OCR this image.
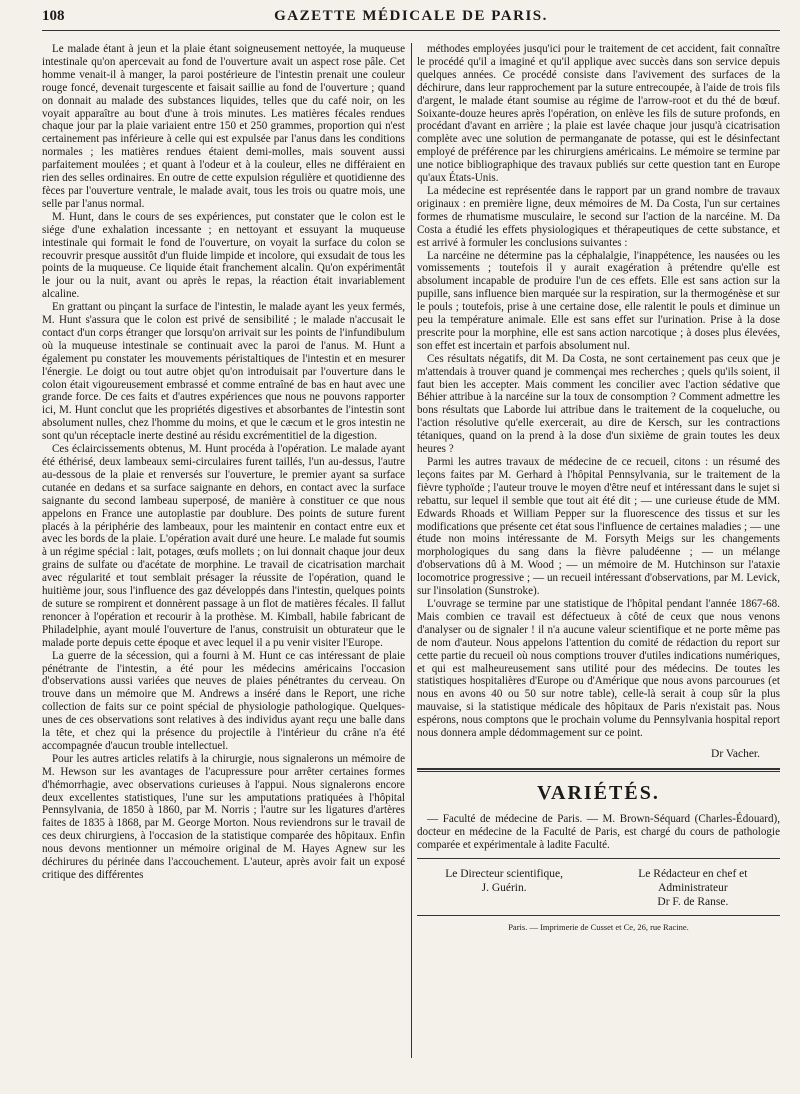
108	GAZETTE MÉDICALE DE PARIS.

Le malade étant à jeun et la plaie étant soigneusement nettoyée, la muqueuse intestinale qu'on apercevait au fond de l'ouverture avait un aspect rose pâle. Cet homme venait-il à manger, la paroi postérieure de l'intestin prenait une couleur rouge foncé, devenait turgescente et faisait saillie au fond de l'ouverture ; quand on donnait au malade des substances liquides, telles que du café noir, on les voyait apparaître au bout d'une à trois minutes. Les matières fécales rendues chaque jour par la plaie variaient entre 150 et 250 grammes, proportion qui n'est certainement pas inférieure à celle qui est expulsée par l'anus dans les conditions normales ; les matières rendues étaient demi-molles, mais souvent aussi parfaitement moulées ; et quant à l'odeur et à la couleur, elles ne différaient en rien des selles ordinaires. En outre de cette expulsion régulière et quotidienne des fèces par l'ouverture ventrale, le malade avait, tous les trois ou quatre mois, une selle par l'anus normal.

M. Hunt, dans le cours de ses expériences, put constater que le colon est le siége d'une exhalation incessante ; en nettoyant et essuyant la muqueuse intestinale qui formait le fond de l'ouverture, on voyait la surface du colon se recouvrir presque aussitôt d'un fluide limpide et incolore, qui exsudait de tous les points de la muqueuse. Ce liquide était franchement alcalin. Qu'on expérimentât le jour ou la nuit, avant ou après le repas, la réaction était invariablement alcaline.

En grattant ou pinçant la surface de l'intestin, le malade ayant les yeux fermés, M. Hunt s'assura que le colon est privé de sensibilité ; le malade n'accusait le contact d'un corps étranger que lorsqu'on arrivait sur les points de l'infundibulum où la muqueuse intestinale se continuait avec la paroi de l'anus. M. Hunt a également pu constater les mouvements péristaltiques de l'intestin et en mesurer l'énergie. Le doigt ou tout autre objet qu'on introduisait par l'ouverture dans le colon était vigoureusement embrassé et comme entraîné de bas en haut avec une grande force. De ces faits et d'autres expériences que nous ne pouvons rapporter ici, M. Hunt conclut que les propriétés digestives et absorbantes de l'intestin sont absolument nulles, chez l'homme du moins, et que le cæcum et le gros intestin ne sont qu'un réceptacle inerte destiné au résidu excrémentitiel de la digestion.

Ces éclaircissements obtenus, M. Hunt procéda à l'opération. Le malade ayant été éthérisé, deux lambeaux semi-circulaires furent taillés, l'un au-dessus, l'autre au-dessous de la plaie et renversés sur l'ouverture, le premier ayant sa surface cutanée en dedans et sa surface saignante en dehors, en contact avec la surface saignante du second lambeau superposé, de manière à constituer ce que nous appelons en France une autoplastie par doublure. Des points de suture furent placés à la périphérie des lambeaux, pour les maintenir en contact entre eux et avec les bords de la plaie. L'opération avait duré une heure. Le malade fut soumis à un régime spécial : lait, potages, œufs mollets ; on lui donnait chaque jour deux grains de sulfate ou d'acétate de morphine. Le travail de cicatrisation marchait avec régularité et tout semblait présager la réussite de l'opération, quand le huitième jour, sous l'influence des gaz développés dans l'intestin, quelques points de suture se rompirent et donnèrent passage à un flot de matières fécales. Il fallut renoncer à l'opération et recourir à la prothèse. M. Kimball, habile fabricant de Philadelphie, ayant moulé l'ouverture de l'anus, construisit un obturateur que le malade porte depuis cette époque et avec lequel il a pu venir visiter l'Europe.

La guerre de la sécession, qui a fourni à M. Hunt ce cas intéressant de plaie pénétrante de l'intestin, a été pour les médecins américains l'occasion d'observations aussi variées que neuves de plaies pénétrantes du cerveau. On trouve dans un mémoire que M. Andrews a inséré dans le Report, une riche collection de faits sur ce point spécial de physiologie pathologique. Quelques-unes de ces observations sont relatives à des individus ayant reçu une balle dans la tête, et chez qui la présence du projectile à l'intérieur du crâne n'a été accompagnée d'aucun trouble intellectuel.

Pour les autres articles relatifs à la chirurgie, nous signalerons un mémoire de M. Hewson sur les avantages de l'acupressure pour arrêter certaines formes d'hémorrhagie, avec observations curieuses à l'appui. Nous signalerons encore deux excellentes statistiques, l'une sur les amputations pratiquées à l'hôpital Pennsylvania, de 1850 à 1860, par M. Norris ; l'autre sur les ligatures d'artères faites de 1835 à 1868, par M. George Morton. Nous reviendrons sur le travail de ces deux chirurgiens, à l'occasion de la statistique comparée des hôpitaux. Enfin nous devons mentionner un mémoire original de M. Hayes Agnew sur les déchirures du périnée dans l'accouchement. L'auteur, après avoir fait un exposé critique des différentes

méthodes employées jusqu'ici pour le traitement de cet accident, fait connaître le procédé qu'il a imaginé et qu'il applique avec succès dans son service depuis quelques années. Ce procédé consiste dans l'avivement des surfaces de la déchirure, dans leur rapprochement par la suture entrecoupée, à l'aide de trois fils d'argent, le malade étant soumise au régime de l'arrow-root et du thé de bœuf. Soixante-douze heures après l'opération, on enlève les fils de suture profonds, en procédant d'avant en arrière ; la plaie est lavée chaque jour jusqu'à cicatrisation complète avec une solution de permanganate de potasse, qui est le désinfectant employé de préférence par les chirurgiens américains. Le mémoire se termine par une notice bibliographique des travaux publiés sur cette question tant en Europe qu'aux États-Unis.

La médecine est représentée dans le rapport par un grand nombre de travaux originaux : en première ligne, deux mémoires de M. Da Costa, l'un sur certaines formes de rhumatisme musculaire, le second sur l'action de la narcéine. M. Da Costa a étudié les effets physiologiques et thérapeutiques de cette substance, et est arrivé à formuler les conclusions suivantes :

La narcéine ne détermine pas la céphalalgie, l'inappétence, les nausées ou les vomissements ; toutefois il y aurait exagération à prétendre qu'elle est absolument incapable de produire l'un de ces effets. Elle est sans action sur la pupille, sans influence bien marquée sur la respiration, sur la thermogénèse et sur le pouls ; toutefois, prise à une certaine dose, elle ralentit le pouls et diminue un peu la température animale. Elle est sans effet sur l'urination. Prise à la dose prescrite pour la morphine, elle est sans action narcotique ; à doses plus élevées, son effet est incertain et parfois absolument nul.

Ces résultats négatifs, dit M. Da Costa, ne sont certainement pas ceux que je m'attendais à trouver quand je commençai mes recherches ; quels qu'ils soient, il faut bien les accepter. Mais comment les concilier avec l'action sédative que Béhier attribue à la narcéine sur la toux de consomption ? Comment admettre les bons résultats que Laborde lui attribue dans le traitement de la coqueluche, ou l'action résolutive qu'elle exercerait, au dire de Kersch, sur les contractions tétaniques, quand on la prend à la dose d'un sixième de grain toutes les deux heures ?

Parmi les autres travaux de médecine de ce recueil, citons : un résumé des leçons faites par M. Gerhard à l'hôpital Pennsylvania, sur le traitement de la fièvre typhoïde ; l'auteur trouve le moyen d'être neuf et intéressant dans le sujet si rebattu, sur lequel il semble que tout ait été dit ; — une curieuse étude de MM. Edwards Rhoads et William Pepper sur la fluorescence des tissus et sur les modifications que présente cet état sous l'influence de certaines maladies ; — une étude non moins intéressante de M. Forsyth Meigs sur les changements morphologiques du sang dans la fièvre paludéenne ; — un mélange d'observations dû à M. Wood ; — un mémoire de M. Hutchinson sur l'ataxie locomotrice progressive ; — un recueil intéressant d'observations, par M. Levick, sur l'insolation (Sunstroke).

L'ouvrage se termine par une statistique de l'hôpital pendant l'année 1867-68. Mais combien ce travail est défectueux à côté de ceux que nous venons d'analyser ou de signaler ! il n'a aucune valeur scientifique et ne porte même pas de nom d'auteur. Nous appelons l'attention du comité de rédaction du report sur cette partie du recueil où nous comptions trouver d'utiles indications numériques, et qui est malheureusement sans utilité pour des médecins. De toutes les statistiques hospitalières d'Europe ou d'Amérique que nous avons parcourues (et nous en avons 40 ou 50 sur notre table), celle-là serait à coup sûr la plus mauvaise, si la statistique médicale des hôpitaux de Paris n'existait pas. Nous espérons, nous comptons que le prochain volume du Pennsylvania hospital report nous donnera ample dédommagement sur ce point.

Dr Vacher.
VARIÉTÉS.

— Faculté de médecine de Paris. — M. Brown-Séquard (Charles-Édouard), docteur en médecine de la Faculté de Paris, est chargé du cours de pathologie comparée et expérimentale à ladite Faculté.

Le Directeur scientifique,
J. Guérin.
Le Rédacteur en chef et Administrateur
Dr F. de Ranse.
Paris. — Imprimerie de Cusset et Ce, 26, rue Racine.
